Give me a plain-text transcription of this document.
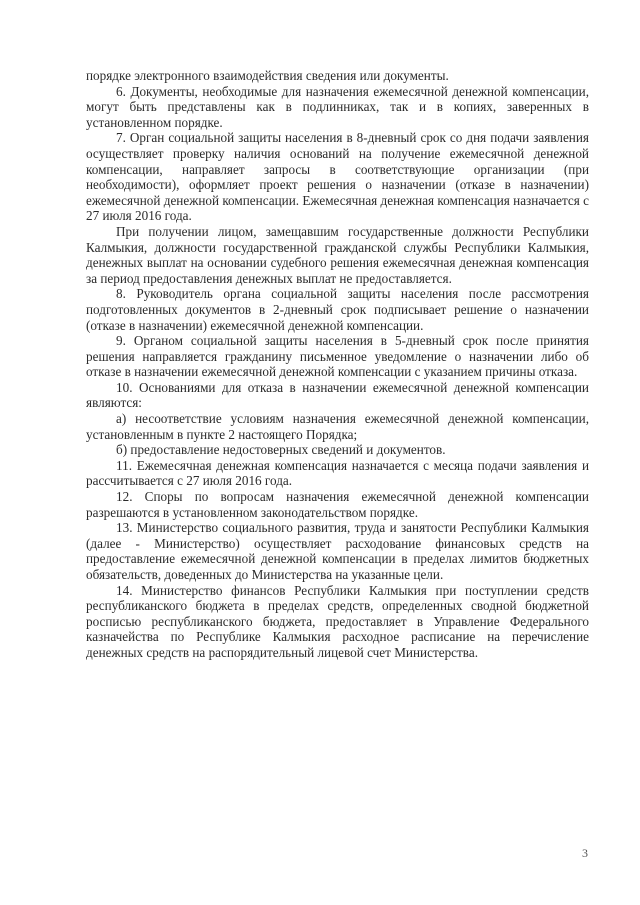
порядке электронного взаимодействия сведения или документы.

6. Документы, необходимые для назначения ежемесячной денежной компенсации, могут быть представлены как в подлинниках, так и в копиях, заверенных в установленном порядке.

7. Орган социальной защиты населения в 8-дневный срок со дня подачи заявления осуществляет проверку наличия оснований на получение ежемесячной денежной компенсации, направляет запросы в соответствующие организации (при необходимости), оформляет проект решения о назначении (отказе в назначении) ежемесячной денежной компенсации. Ежемесячная денежная компенсация назначается с 27 июля 2016 года.

При получении лицом, замещавшим государственные должности Республики Калмыкия, должности государственной гражданской службы Республики Калмыкия, денежных выплат на основании судебного решения ежемесячная денежная компенсация за период предоставления денежных выплат не предоставляется.

8. Руководитель органа социальной защиты населения после рассмотрения подготовленных документов в 2-дневный срок подписывает решение о назначении (отказе в назначении) ежемесячной денежной компенсации.

9. Органом социальной защиты населения в 5-дневный срок после принятия решения направляется гражданину письменное уведомление о назначении либо об отказе в назначении ежемесячной денежной компенсации с указанием причины отказа.

10. Основаниями для отказа в назначении ежемесячной денежной компенсации являются:

а) несоответствие условиям назначения ежемесячной денежной компенсации, установленным в пункте 2 настоящего Порядка;

б) предоставление недостоверных сведений и документов.

11. Ежемесячная денежная компенсация назначается с месяца подачи заявления и рассчитывается с 27 июля 2016 года.

12. Споры по вопросам назначения ежемесячной денежной компенсации разрешаются в установленном законодательством порядке.

13. Министерство социального развития, труда и занятости Республики Калмыкия (далее - Министерство) осуществляет расходование финансовых средств на предоставление ежемесячной денежной компенсации в пределах лимитов бюджетных обязательств, доведенных до Министерства на указанные цели.

14. Министерство финансов Республики Калмыкия при поступлении средств республиканского бюджета в пределах средств, определенных сводной бюджетной росписью республиканского бюджета, предоставляет в Управление Федерального казначейства по Республике Калмыкия расходное расписание на перечисление денежных средств на распорядительный лицевой счет Министерства.

3
